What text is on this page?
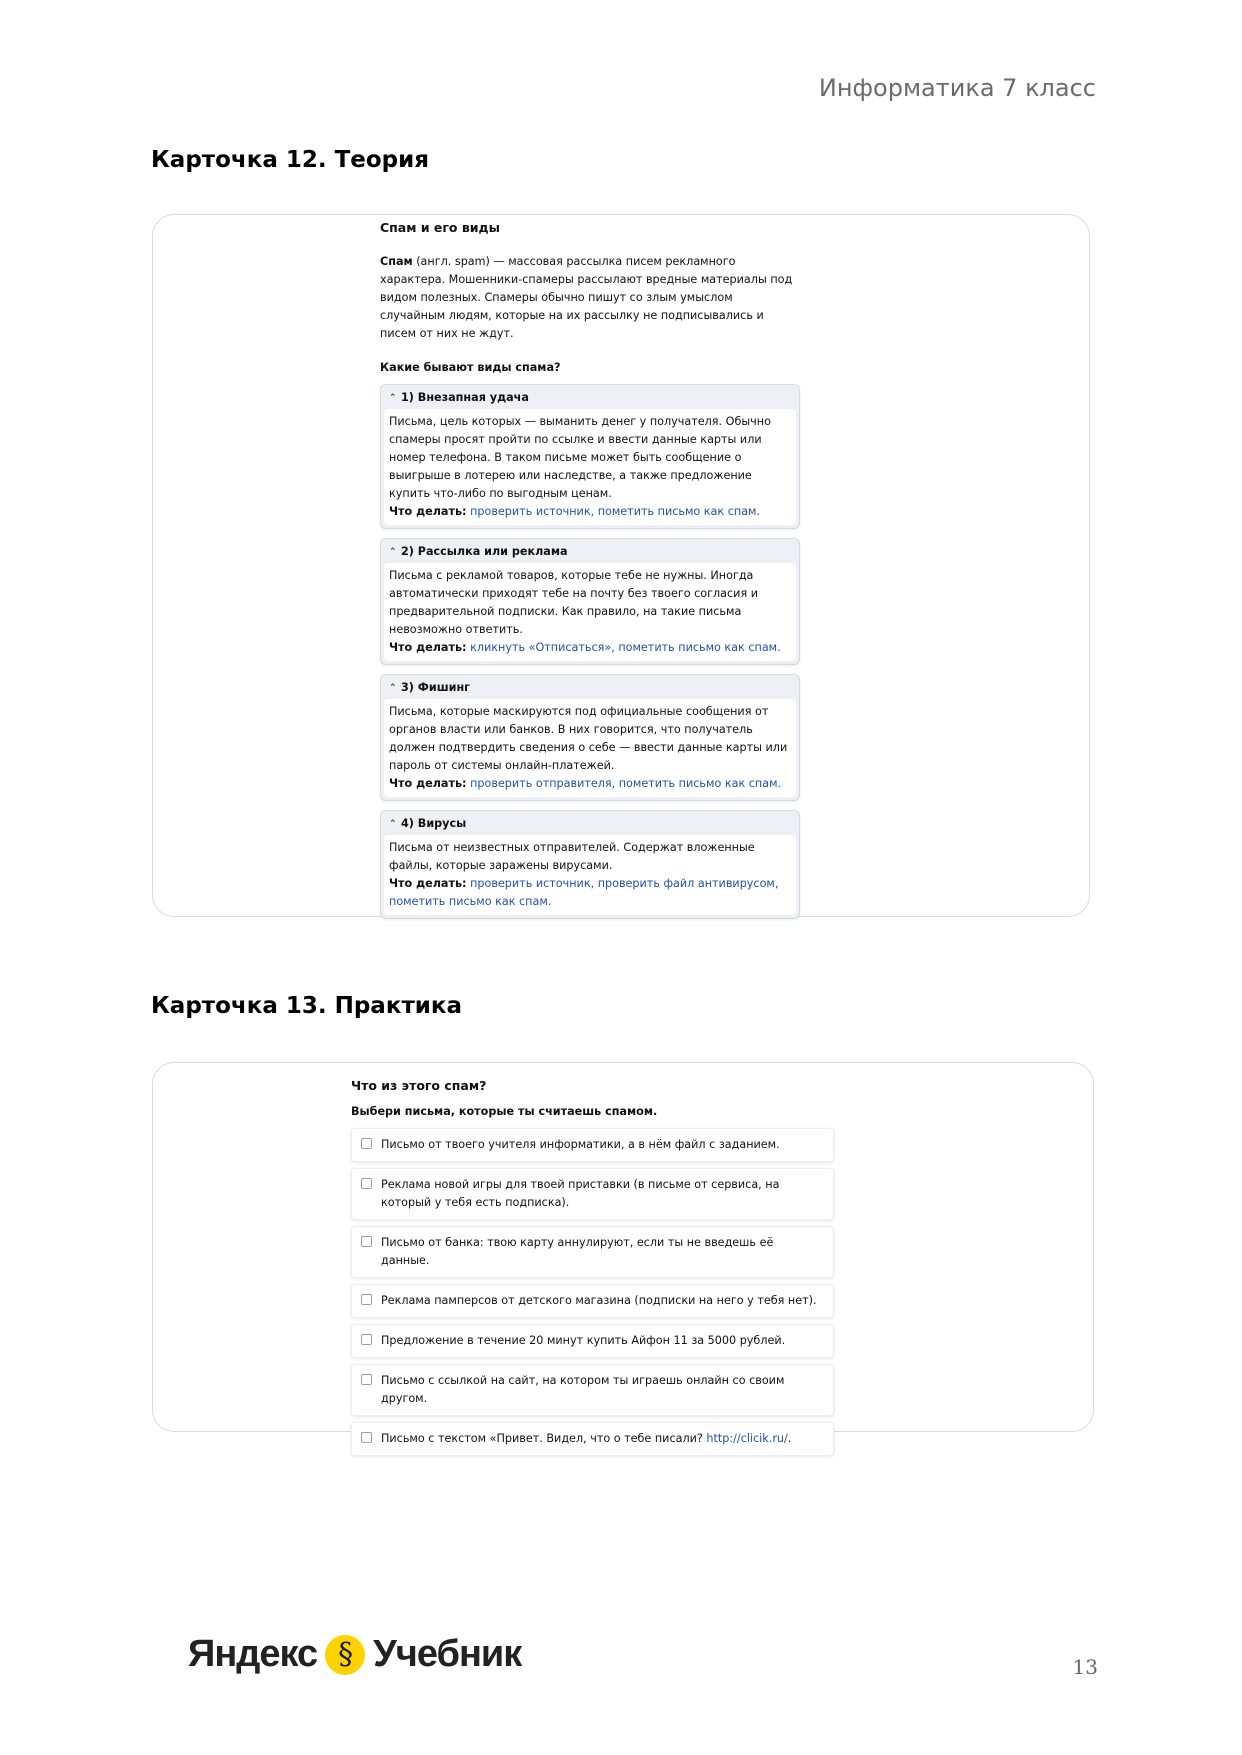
Информатика 7 класс
Карточка 12. Теория
Спам и его виды
Спам (англ. spam) — массовая рассылка писем рекламного характера. Мошенники-спамеры рассылают вредные материалы под видом полезных. Спамеры обычно пишут со злым умыслом случайным людям, которые на их рассылку не подписывались и писем от них не ждут.
Какие бывают виды спама?
⌃ 1) Внезапная удача
Письма, цель которых — выманить денег у получателя. Обычно спамеры просят пройти по ссылке и ввести данные карты или номер телефона. В таком письме может быть сообщение о выигрыше в лотерею или наследстве, а также предложение купить что-либо по выгодным ценам.
Что делать: проверить источник, пометить письмо как спам.
⌃ 2) Рассылка или реклама
Письма с рекламой товаров, которые тебе не нужны. Иногда автоматически приходят тебе на почту без твоего согласия и предварительной подписки. Как правило, на такие письма невозможно ответить.
Что делать: кликнуть «Отписаться», пометить письмо как спам.
⌃ 3) Фишинг
Письма, которые маскируются под официальные сообщения от органов власти или банков. В них говорится, что получатель должен подтвердить сведения о себе — ввести данные карты или пароль от системы онлайн-платежей.
Что делать: проверить отправителя, пометить письмо как спам.
⌃ 4) Вирусы
Письма от неизвестных отправителей. Содержат вложенные файлы, которые заражены вирусами.
Что делать: проверить источник, проверить файл антивирусом, пометить письмо как спам.
Карточка 13. Практика
Что из этого спам?
Выбери письма, которые ты считаешь спамом.
Письмо от твоего учителя информатики, а в нём файл с заданием.
Реклама новой игры для твоей приставки (в письме от сервиса, на который у тебя есть подписка).
Письмо от банка: твою карту аннулируют, если ты не введешь её данные.
Реклама памперсов от детского магазина (подписки на него у тебя нет).
Предложение в течение 20 минут купить Айфон 11 за 5000 рублей.
Письмо с ссылкой на сайт, на котором ты играешь онлайн со своим другом.
Письмо с текстом «Привет. Видел, что о тебе писали? http://clicik.ru/.
Яндекс § Учебник	13
